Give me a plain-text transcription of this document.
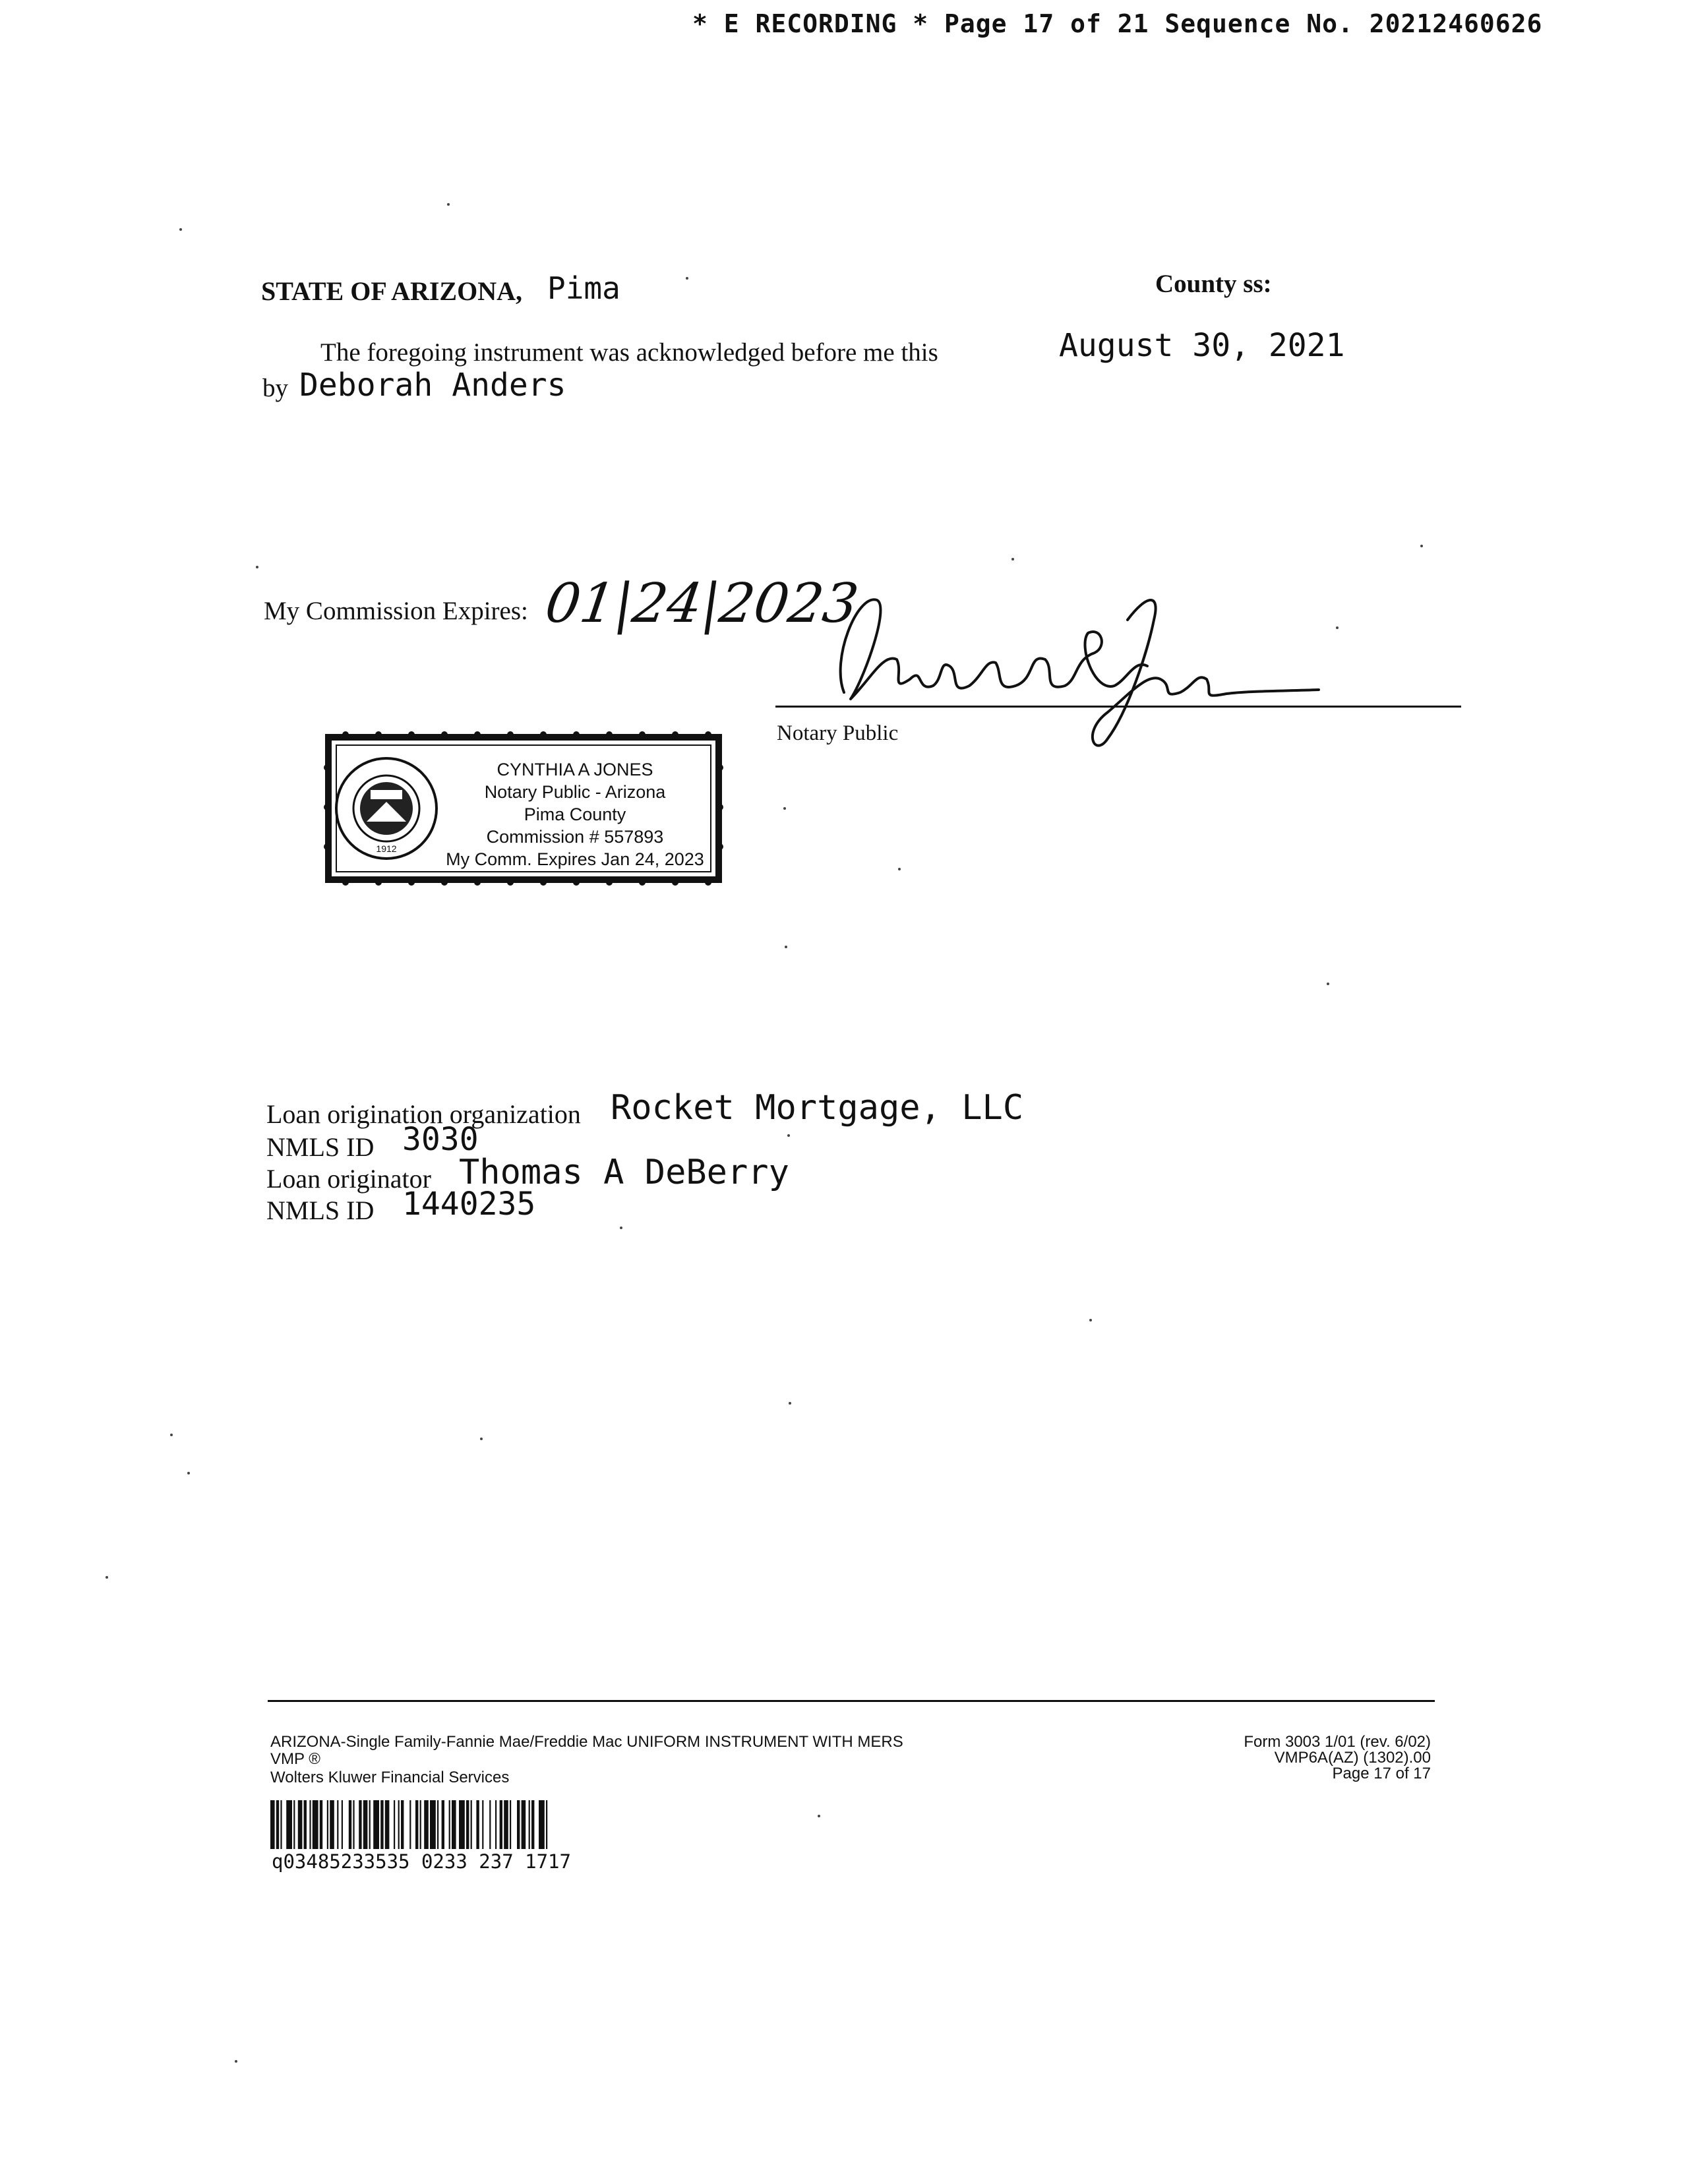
* E RECORDING * Page 17 of 21 Sequence No. 20212460626
STATE OF ARIZONA, Pima	County ss:
The foregoing instrument was acknowledged before me this	August 30, 2021
by Deborah Anders
My Commission Expires: 01|24|2023
Notary Public
1912
CYNTHIA A JONES
Notary Public - Arizona
Pima County
Commission # 557893
My Comm. Expires Jan 24, 2023
Loan origination organization Rocket Mortgage, LLC
NMLS ID 3030
Loan originator Thomas A DeBerry
NMLS ID 1440235
ARIZONA-Single Family-Fannie Mae/Freddie Mac UNIFORM INSTRUMENT WITH MERS
VMP ®
Wolters Kluwer Financial Services
Form 3003 1/01 (rev. 6/02)
VMP6A(AZ) (1302).00
Page 17 of 17
q03485233535 0233 237 1717
